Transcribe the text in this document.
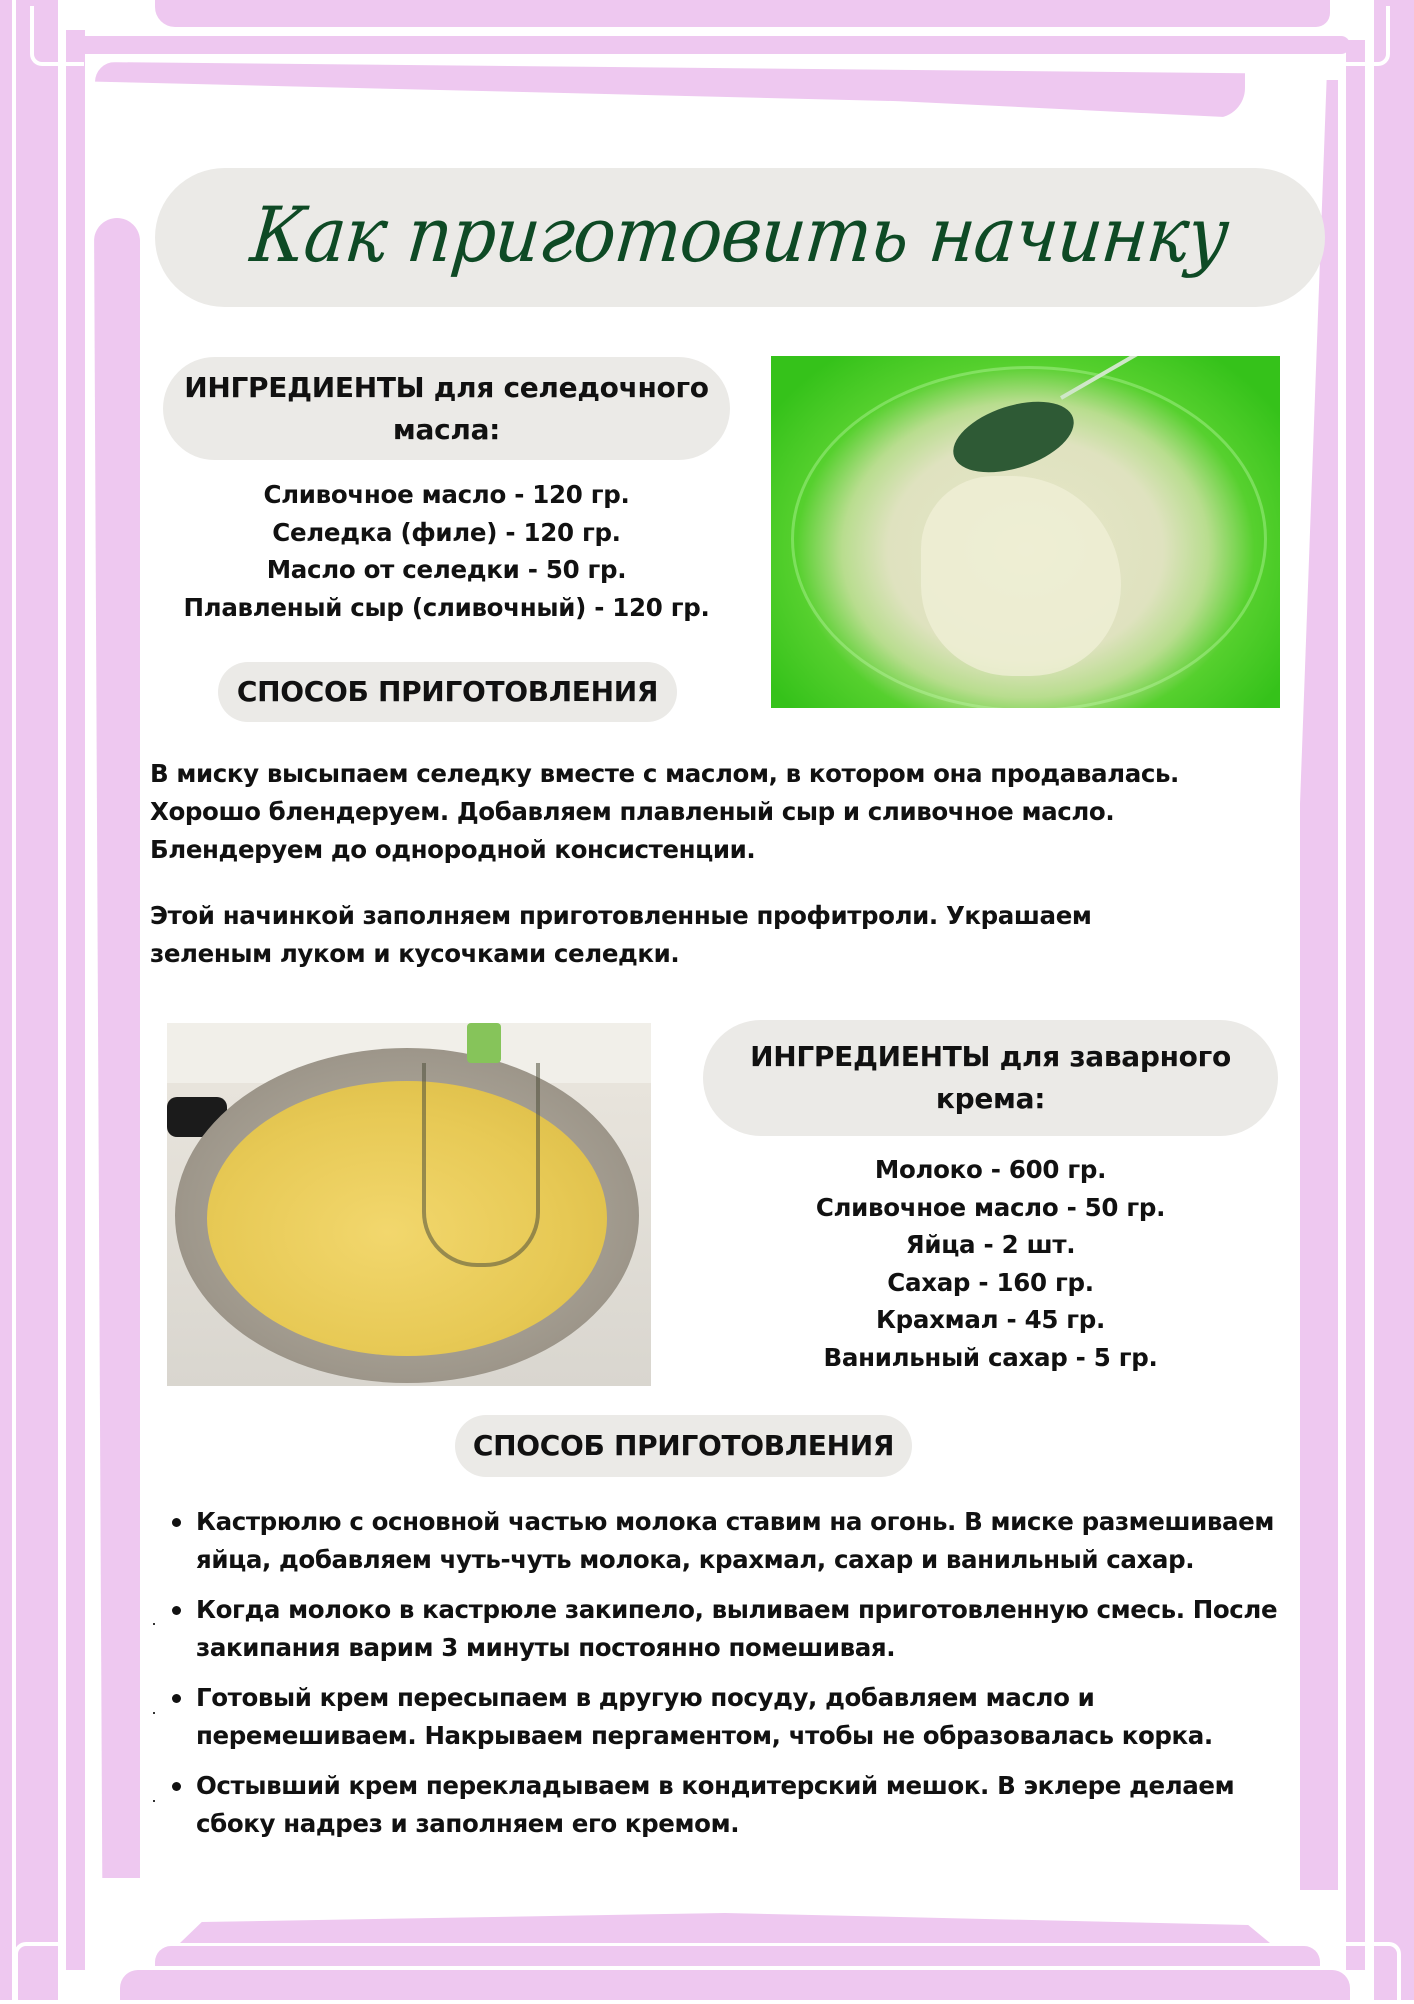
Как приготовить начинку
ИНГРЕДИЕНТЫ для селедочного
масла:
Сливочное масло - 120 гр.
Селедка (филе) - 120 гр.
Масло от селедки - 50 гр.
Плавленый сыр (сливочный) - 120 гр.
СПОСОБ ПРИГОТОВЛЕНИЯ

В миску высыпаем селедку вместе с маслом, в котором она продавалась. Хорошо блендеруем. Добавляем плавленый сыр и сливочное масло. Блендеруем до однородной консистенции.

Этой начинкой заполняем приготовленные профитроли. Украшаем зеленым луком и кусочками селедки.

ИНГРЕДИЕНТЫ для заварного
крема:
Молоко - 600 гр.
Сливочное масло - 50 гр.
Яйца - 2 шт.
Сахар - 160 гр.
Крахмал - 45 гр.
Ванильный сахар - 5 гр.
СПОСОБ ПРИГОТОВЛЕНИЯ
Кастрюлю с основной частью молока ставим на огонь. В миске размешиваем яйца, добавляем чуть-чуть молока, крахмал, сахар и ванильный сахар.
Когда молоко в кастрюле закипело, выливаем приготовленную смесь. После закипания варим 3 минуты постоянно помешивая.
Готовый крем пересыпаем в другую посуду, добавляем масло и перемешиваем. Накрываем пергаментом, чтобы не образовалась корка.
Остывший крем перекладываем в кондитерский мешок. В эклере делаем сбоку надрез и заполняем его кремом.
